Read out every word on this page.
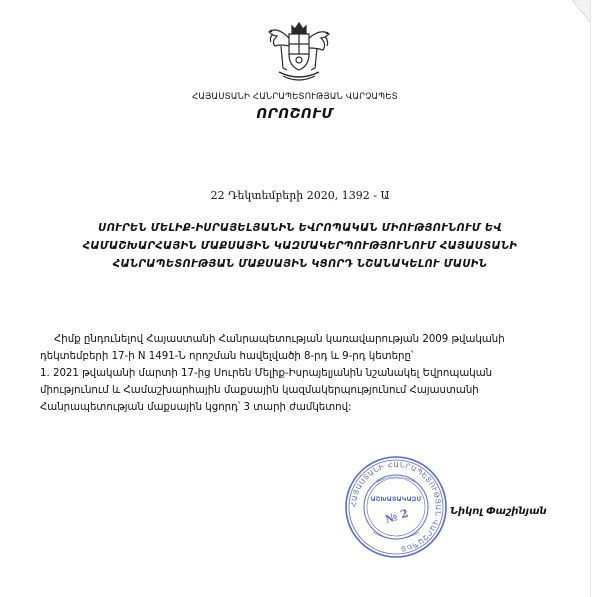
ՀԱՅԱՍՏԱՆԻ ՀԱՆՐԱՊԵՏՈՒԹՅԱՆ ՎԱՐՉԱՊԵՏ
ՈՐՈՇՈՒՄ
22 Դեկտեմբերի 2020, 1392 - Ա
ՍՈՒՐԵՆ ՄԵԼԻՔ-ԻՍՐԱՅԵԼՅԱՆԻՆ ԵՎՐՈՊԱԿԱՆ ՄԻՈՒԹՅՈՒՆՈՒՄ ԵՎ
ՀԱՄԱՇԽԱՐՀԱՅԻՆ ՄԱՔՍԱՅԻՆ ԿԱԶՄԱԿԵՐՊՈՒԹՅՈՒՆՈՒՄ ՀԱՅԱՍՏԱՆԻ
ՀԱՆՐԱՊԵՏՈՒԹՅԱՆ ՄԱՔՍԱՅԻՆ ԿՑՈՐԴ ՆՇԱՆԱԿԵԼՈՒ ՄԱՍԻՆ

Հիմք ընդունելով Հայաստանի Հանրապետության կառավարության 2009 թվականի

դեկտեմբերի 17-ի N 1491-Ն որոշման հավելվածի 8-րդ և 9-րդ կետերը՝

1. 2021 թվականի մարտի 17-ից Սուրեն Մելիք-Իսրայելյանին նշանակել Եվրոպական

միությունում և Համաշխարհային մաքսային կազմակերպությունում Հայաստանի

Հանրապետության մաքսային կցորդ՝ 3 տարի ժամկետով:

ՀԱՅԱՍՏԱՆԻ ՀԱՆՐԱՊԵՏՈՒԹՅԱՆ ՎԱՐՉԱՊԵՏ
ԱՇԽԱՏԱԿԱԶՄ
№ 2	Նիկոլ Փաշինյան
